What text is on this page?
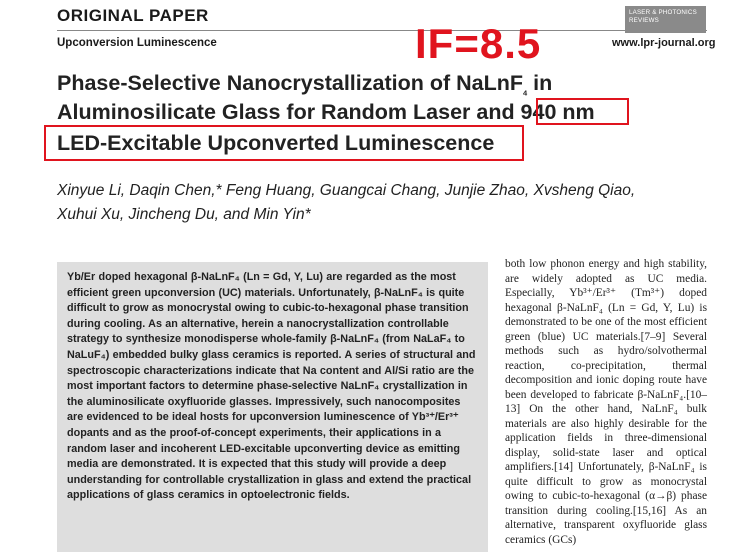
ORIGINAL PAPER
Upconversion Luminescence
LASER & PHOTONICS REVIEWS
www.lpr-journal.org
IF=8.5
Phase-Selective Nanocrystallization of NaLnF$_4$ in
Aluminosilicate Glass for Random Laser and 940 nm
LED-Excitable Upconverted Luminescence
Xinyue Li, Daqin Chen,* Feng Huang, Guangcai Chang, Junjie Zhao, Xvsheng Qiao,
Xuhui Xu, Jincheng Du, and Min Yin*

Yb/Er doped hexagonal β-NaLnF₄ (Ln = Gd, Y, Lu) are regarded as the most efficient green upconversion (UC) materials. Unfortunately, β-NaLnF₄ is quite difficult to grow as monocrystal owing to cubic-to-hexagonal phase transition during cooling. As an alternative, herein a nanocrystallization controllable strategy to synthesize monodisperse whole-family β-NaLnF₄ (from NaLaF₄ to NaLuF₄) embedded bulky glass ceramics is reported. A series of structural and spectroscopic characterizations indicate that Na content and Al/Si ratio are the most important factors to determine phase-selective NaLnF₄ crystallization in the aluminosilicate oxyfluoride glasses. Impressively, such nanocomposites are evidenced to be ideal hosts for upconversion luminescence of Yb³⁺/Er³⁺ dopants and as the proof-of-concept experiments, their applications in a random laser and incoherent LED-excitable upconverting device as emitting media are demonstrated. It is expected that this study will provide a deep understanding for controllable crystallization in glass and extend the practical applications of glass ceramics in optoelectronic fields.

both low phonon energy and high stability, are widely adopted as UC media. Especially, Yb³⁺/Er³⁺ (Tm³⁺) doped hexagonal β-NaLnF₄ (Ln = Gd, Y, Lu) is demonstrated to be one of the most efficient green (blue) UC materials.[7–9] Several methods such as hydro/solvothermal reaction, co-precipitation, thermal decomposition and ionic doping route have been developed to fabricate β-NaLnF₄.[10–13] On the other hand, NaLnF₄ bulk materials are also highly desirable for the application fields in three-dimensional display, solid-state laser and optical amplifiers.[14] Unfortunately, β-NaLnF₄ is quite difficult to grow as monocrystal owing to cubic-to-hexagonal (α→β) phase transition during cooling.[15,16] As an alternative, transparent oxyfluoride glass ceramics (GCs)
